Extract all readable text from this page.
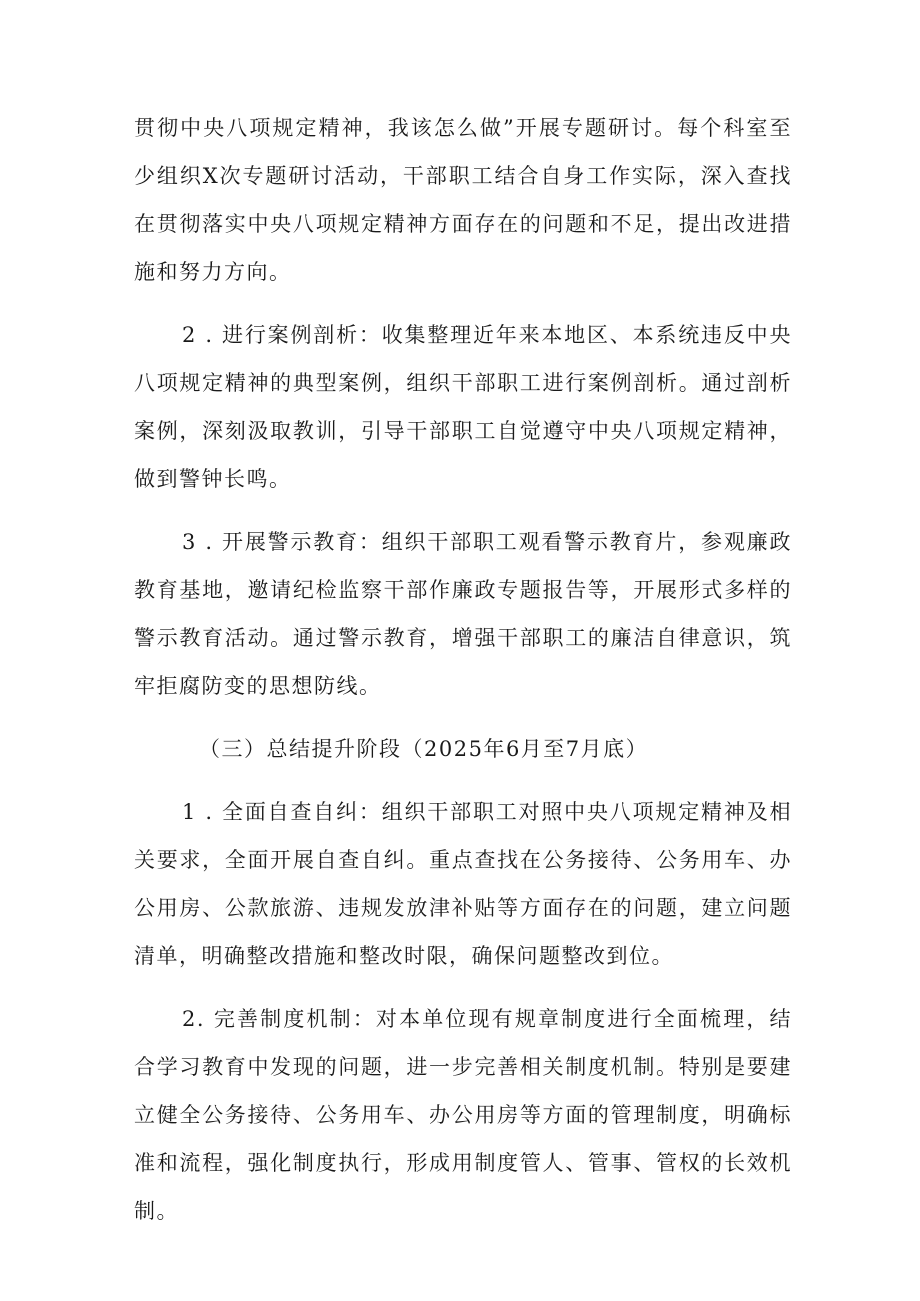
贯彻中央八项规定精神，我该怎么做”开展专题研讨。每个科室至少组织X次专题研讨活动，干部职工结合自身工作实际，深入查找在贯彻落实中央八项规定精神方面存在的问题和不足，提出改进措施和努力方向。

2 . 进行案例剖析：收集整理近年来本地区、本系统违反中央八项规定精神的典型案例，组织干部职工进行案例剖析。通过剖析案例，深刻汲取教训，引导干部职工自觉遵守中央八项规定精神，做到警钟长鸣。

3 . 开展警示教育：组织干部职工观看警示教育片，参观廉政教育基地，邀请纪检监察干部作廉政专题报告等，开展形式多样的警示教育活动。通过警示教育，增强干部职工的廉洁自律意识，筑牢拒腐防变的思想防线。

（三）总结提升阶段（2025年6月至7月底）

1 . 全面自查自纠：组织干部职工对照中央八项规定精神及相关要求，全面开展自查自纠。重点查找在公务接待、公务用车、办公用房、公款旅游、违规发放津补贴等方面存在的问题，建立问题清单，明确整改措施和整改时限，确保问题整改到位。

2. 完善制度机制：对本单位现有规章制度进行全面梳理，结合学习教育中发现的问题，进一步完善相关制度机制。特别是要建立健全公务接待、公务用车、办公用房等方面的管理制度，明确标准和流程，强化制度执行，形成用制度管人、管事、管权的长效机制。
